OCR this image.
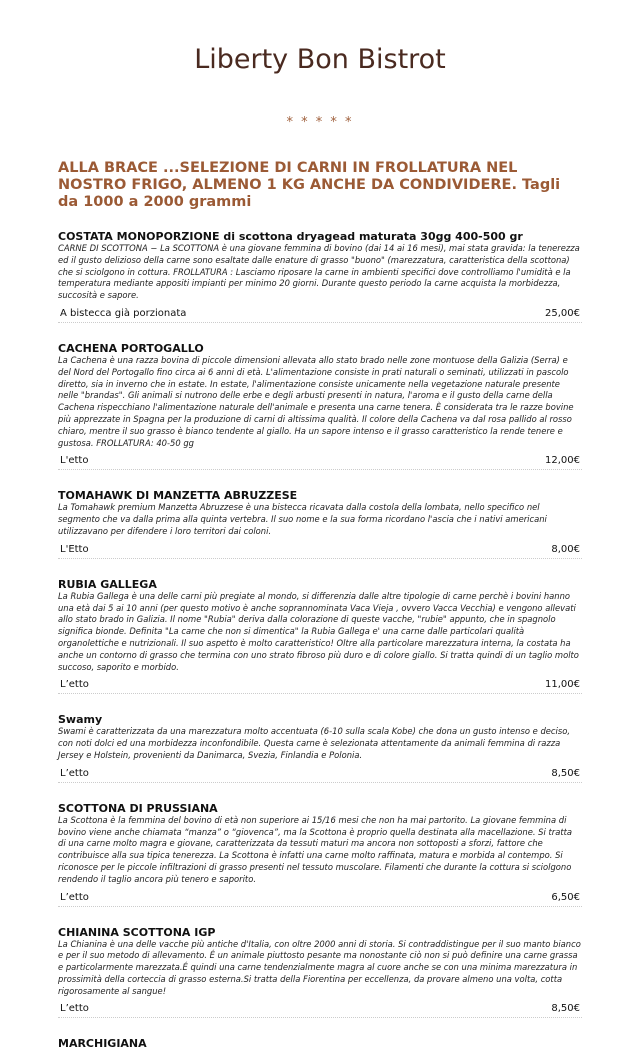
Liberty Bon Bistrot
* * * * *
ALLA BRACE ...SELEZIONE DI CARNI IN FROLLATURA NEL NOSTRO FRIGO, ALMENO 1 KG ANCHE DA CONDIVIDERE. Tagli da 1000 a 2000 grammi
COSTATA MONOPORZIONE di scottona dryagead maturata 30gg 400-500 gr
CARNE DI SCOTTONA − La SCOTTONA è una giovane femmina di bovino (dai 14 ai 16 mesi), mai stata gravida: la tenerezza ed il gusto delizioso della carne sono esaltate dalle enature di grasso "buono" (marezzatura, caratteristica della scottona) che si sciolgono in cottura. FROLLATURA : Lasciamo riposare la carne in ambienti specifici dove controlliamo l'umidità e la temperatura mediante appositi impianti per minimo 20 giorni. Durante questo periodo la carne acquista la morbidezza, succosità e sapore.
A bistecca già porzionata	25,00€
CACHENA PORTOGALLO
La Cachena è una razza bovina di piccole dimensioni allevata allo stato brado nelle zone montuose della Galizia (Serra) e del Nord del Portogallo fino circa ai 6 anni di età. L'alimentazione consiste in prati naturali o seminati, utilizzati in pascolo diretto, sia in inverno che in estate. In estate, l'alimentazione consiste unicamente nella vegetazione naturale presente nelle "brandas". Gli animali si nutrono delle erbe e degli arbusti presenti in natura, l'aroma e il gusto della carne della Cachena rispecchiano l'alimentazione naturale dell'animale e presenta una carne tenera. È considerata tra le razze bovine più apprezzate in Spagna per la produzione di carni di altissima qualità. Il colore della Cachena va dal rosa pallido al rosso chiaro, mentre il suo grasso è bianco tendente al giallo. Ha un sapore intenso e il grasso caratteristico la rende tenere e gustosa. FROLLATURA: 40-50 gg
L'etto	12,00€
TOMAHAWK DI MANZETTA ABRUZZESE
La Tomahawk premium Manzetta Abruzzese è una bistecca ricavata dalla costola della lombata, nello specifico nel segmento che va dalla prima alla quinta vertebra. Il suo nome e la sua forma ricordano l'ascia che i nativi americani utilizzavano per difendere i loro territori dai coloni.
L'Etto	8,00€
RUBIA GALLEGA
La Rubia Gallega è una delle carni più pregiate al mondo, si differenzia dalle altre tipologie di carne perchè i bovini hanno una età dai 5 ai 10 anni (per questo motivo è anche soprannominata Vaca Vieja , ovvero Vacca Vecchia) e vengono allevati allo stato brado in Galizia. Il nome "Rubia" deriva dalla colorazione di queste vacche, "rubie" appunto, che in spagnolo significa bionde. Definita "La carne che non si dimentica" la Rubia Gallega e' una carne dalle particolari qualità organolettiche e nutrizionali. Il suo aspetto è molto caratteristico! Oltre alla particolare marezzatura interna, la costata ha anche un contorno di grasso che termina con uno strato fibroso più duro e di colore giallo. Si tratta quindi di un taglio molto succoso, saporito e morbido.
L’etto	11,00€
Swamy
Swami è caratterizzata da una marezzatura molto accentuata (6-10 sulla scala Kobe) che dona un gusto intenso e deciso, con noti dolci ed una morbidezza inconfondibile. Questa carne è selezionata attentamente da animali femmina di razza Jersey e Holstein, provenienti da Danimarca, Svezia, Finlandia e Polonia.
L’etto	8,50€
SCOTTONA DI PRUSSIANA
La Scottona è la femmina del bovino di età non superiore ai 15/16 mesi che non ha mai partorito. La giovane femmina di bovino viene anche chiamata “manza” o “giovenca”, ma la Scottona è proprio quella destinata alla macellazione. Si tratta di una carne molto magra e giovane, caratterizzata da tessuti maturi ma ancora non sottoposti a sforzi, fattore che contribuisce alla sua tipica tenerezza. La Scottona è infatti una carne molto raffinata, matura e morbida al contempo. Si riconosce per le piccole infiltrazioni di grasso presenti nel tessuto muscolare. Filamenti che durante la cottura si sciolgono rendendo il taglio ancora più tenero e saporito.
L’etto	6,50€
CHIANINA SCOTTONA IGP
La Chianina è una delle vacche più antiche d'Italia, con oltre 2000 anni di storia. Si contraddistingue per il suo manto bianco e per il suo metodo di allevamento. É un animale piuttosto pesante ma nonostante ciò non si può definire una carne grassa e particolarmente marezzata.É quindi una carne tendenzialmente magra al cuore anche se con una minima marezzatura in prossimità della corteccia di grasso esterna.Si tratta della Fiorentina per eccellenza, da provare almeno una volta, cotta rigorosamente al sangue!
L’etto	8,50€
MARCHIGIANA
